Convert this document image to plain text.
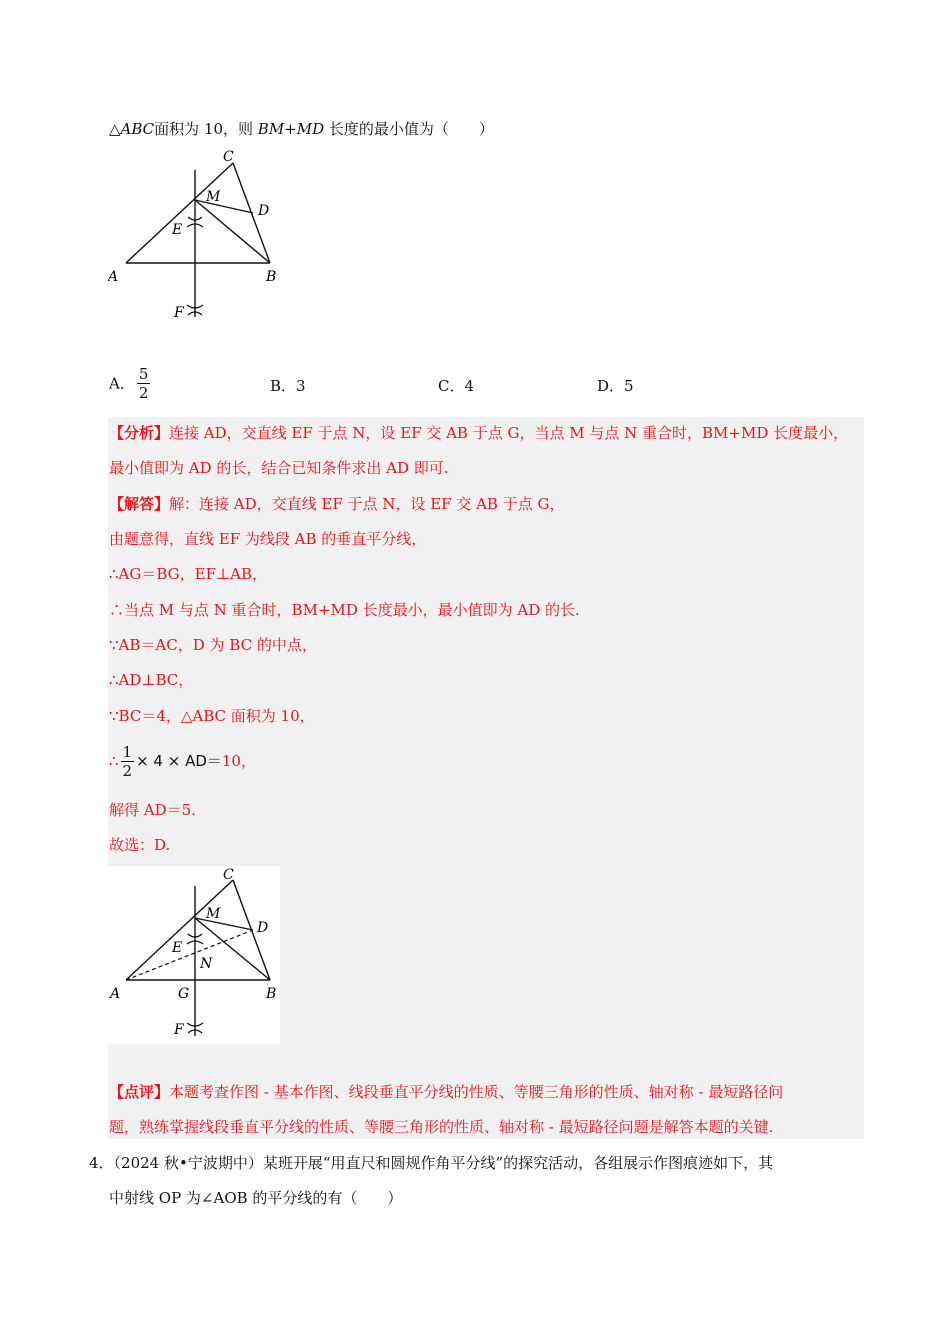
△ABC面积为 10，则 BM+MD 长度的最小值为（　　）
A	B
C
D
E
F
M
A． $\frac{5}{2}$	B．3	C．4	D．5
【分析】连接 AD，交直线 EF 于点 N，设 EF 交 AB 于点 G，当点 M 与点 N 重合时，BM+MD 长度最小，
最小值即为 AD 的长，结合已知条件求出 AD 即可.
【解答】解：连接 AD，交直线 EF 于点 N，设 EF 交 AB 于点 G，
由题意得，直线 EF 为线段 AB 的垂直平分线，
∴AG＝BG，EF⊥AB，
∴当点 M 与点 N 重合时，BM+MD 长度最小，最小值即为 AD 的长.
∵AB＝AC，D 为 BC 的中点，
∴AD⊥BC，
∵BC＝4，△ABC 面积为 10，
∴ $\frac{1}{2} \times 4 \times AD=10$，
解得 AD＝5.
故选：D.
A	B
C
D
E
F
M
N
G
【点评】本题考查作图 - 基本作图、线段垂直平分线的性质、等腰三角形的性质、轴对称 - 最短路径问
题，熟练掌握线段垂直平分线的性质、等腰三角形的性质、轴对称 - 最短路径问题是解答本题的关键.
4．（2024 秋•宁波期中）某班开展“用直尺和圆规作角平分线”的探究活动，各组展示作图痕迹如下，其
中射线 OP 为∠AOB 的平分线的有（　　）
